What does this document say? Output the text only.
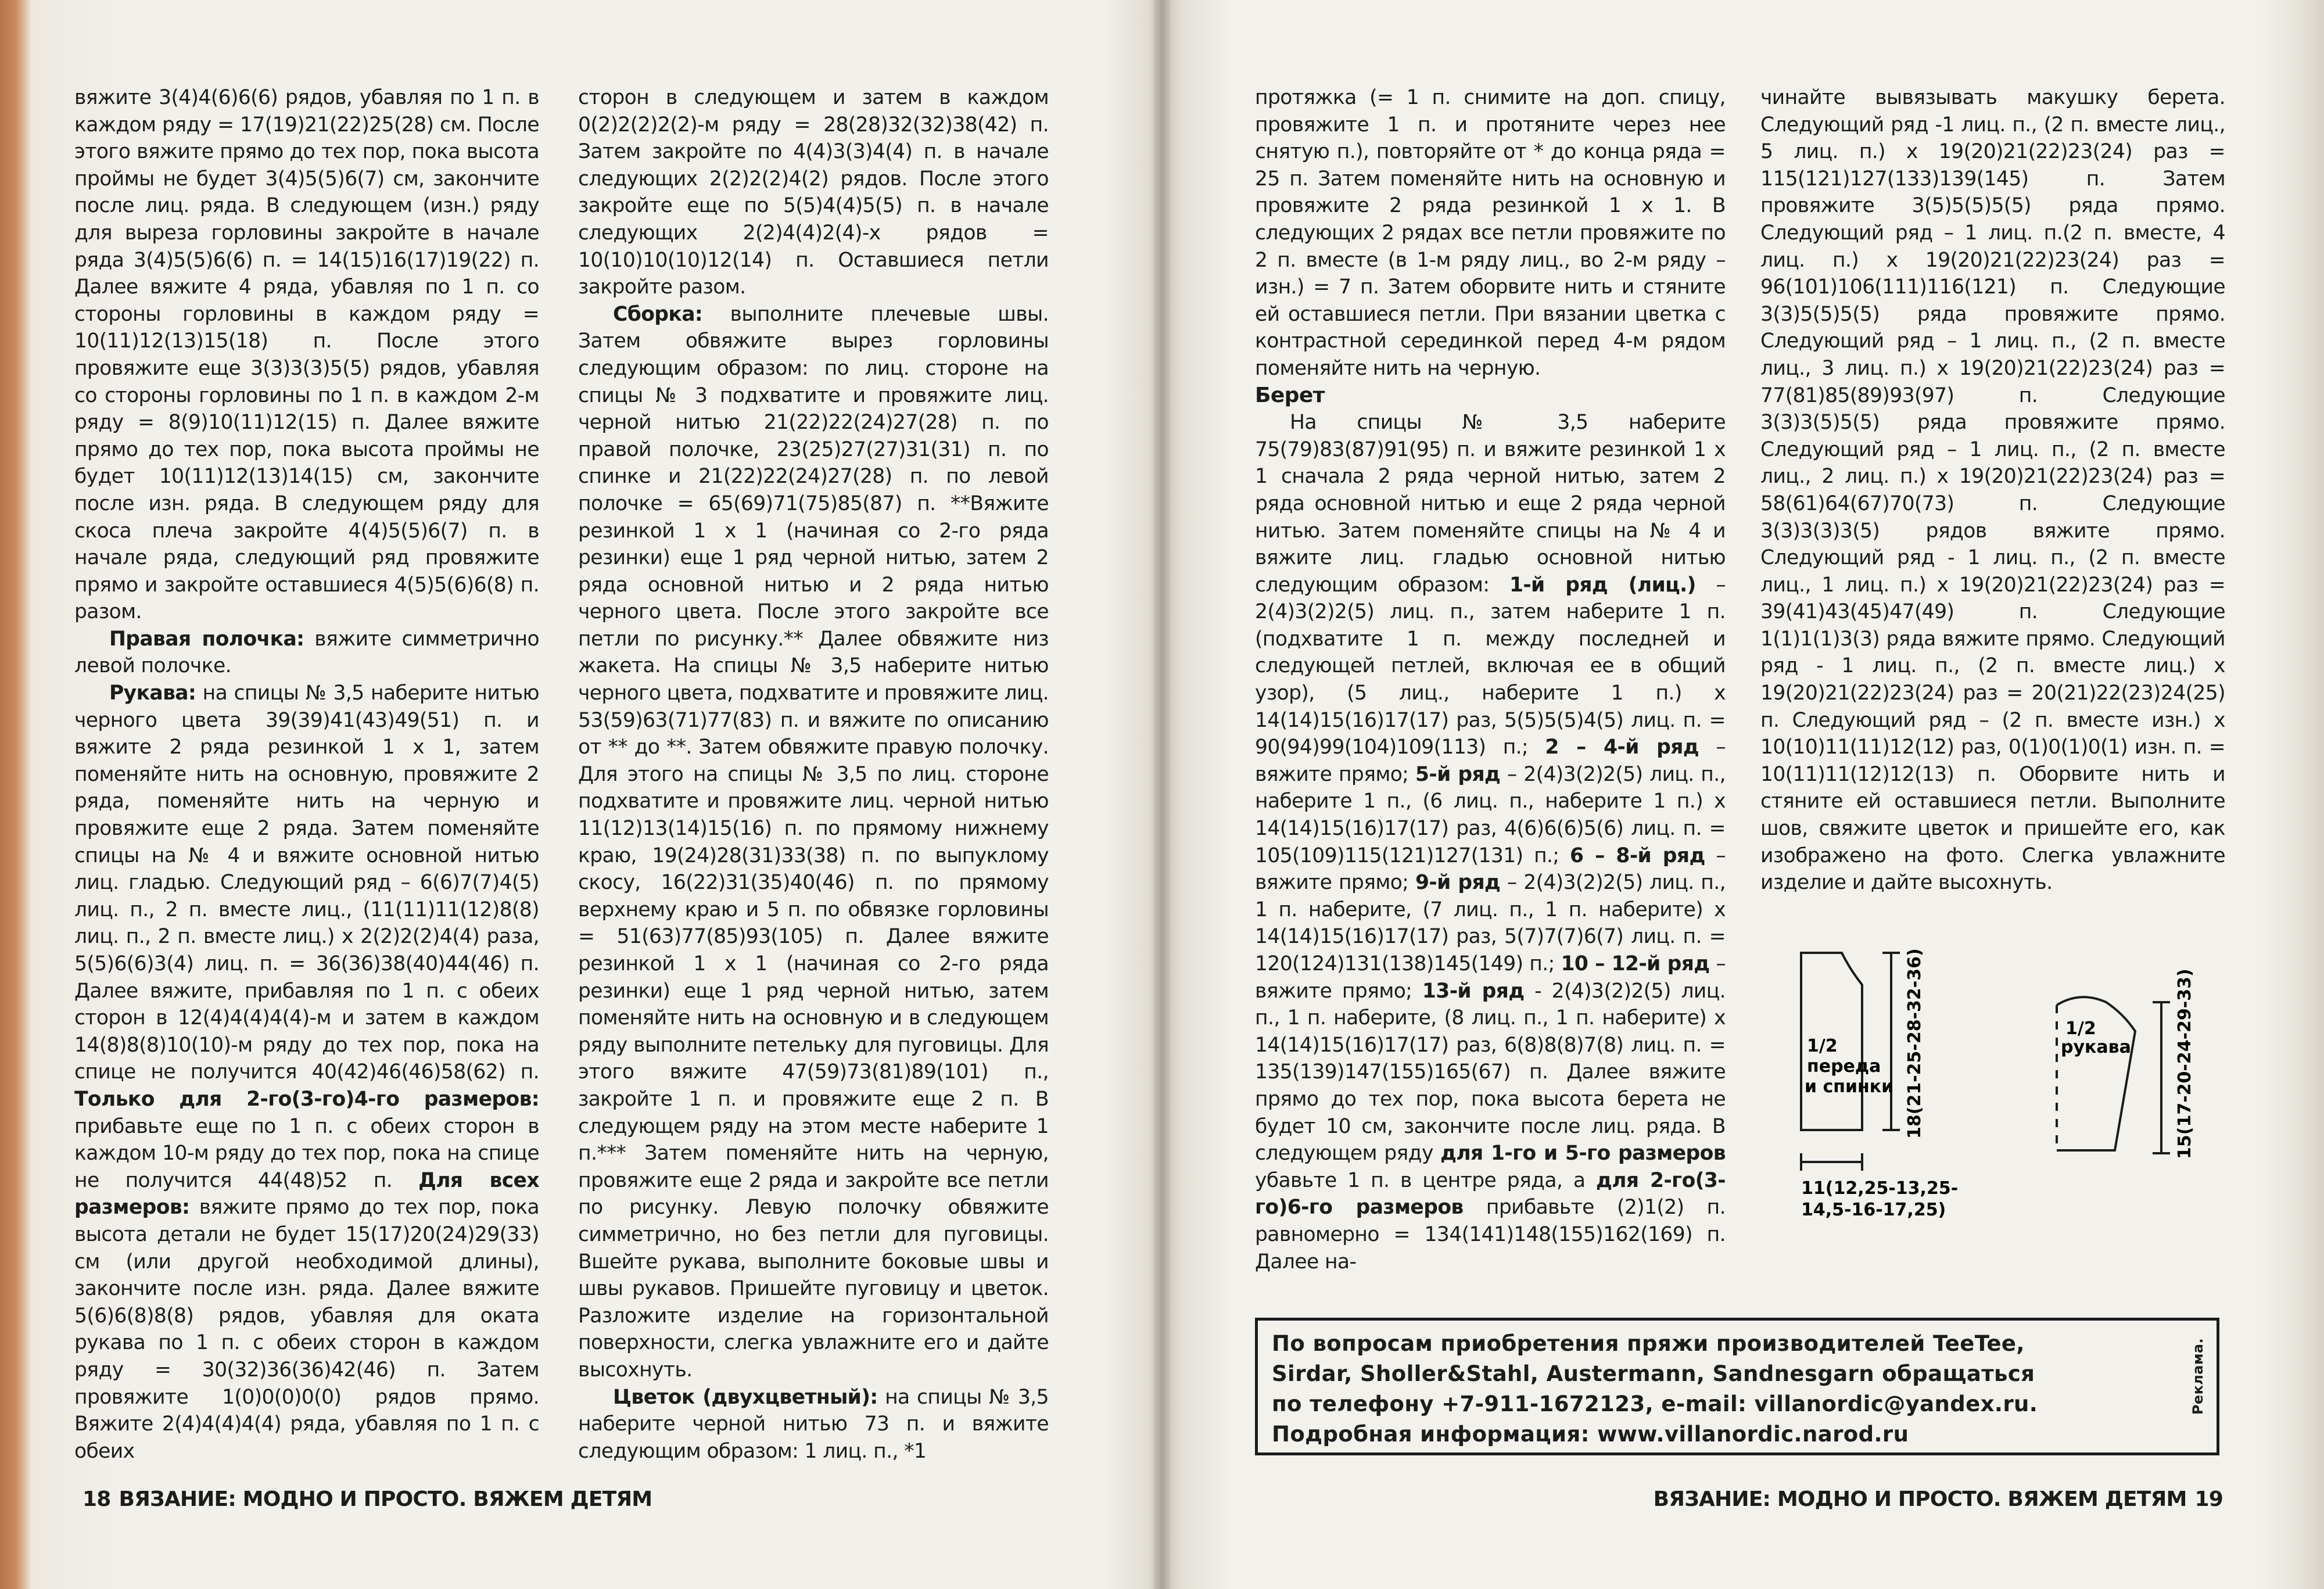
вяжите 3(4)4(6)6(6) рядов, убавляя по 1 п. в каждом ряду = 17(19)21(22)25(28) см. После этого вяжите прямо до тех пор, пока высота проймы не будет 3(4)5(5)6(7) см, закончите после лиц. ряда. В следующем (изн.) ряду для выреза горловины закройте в начале ряда 3(4)5(5)6(6) п. = 14(15)16(17)19(22) п. Далее вяжите 4 ряда, убавляя по 1 п. со стороны горловины в каждом ряду = 10(11)12(13)15(18) п. После этого провяжите еще 3(3)3(3)5(5) рядов, убавляя со стороны горловины по 1 п. в каждом 2-м ряду = 8(9)10(11)12(15) п. Далее вяжите прямо до тех пор, пока высота проймы не будет 10(11)12(13)14(15) см, закончите после изн. ряда. В следующем ряду для скоса плеча закройте 4(4)5(5)6(7) п. в начале ряда, следующий ряд провяжите прямо и закройте оставшиеся 4(5)5(6)6(8) п. разом.

Правая полочка: вяжите симметрично левой полочке.

Рукава: на спицы № 3,5 наберите нитью черного цвета 39(39)41(43)49(51) п. и вяжите 2 ряда резинкой 1 х 1, затем поменяйте нить на основную, провяжите 2 ряда, поменяйте нить на черную и провяжите еще 2 ряда. Затем поменяйте спицы на № 4 и вяжите основной нитью лиц. гладью. Следующий ряд – 6(6)7(7)4(5) лиц. п., 2 п. вместе лиц., (11(11)11(12)8(8) лиц. п., 2 п. вместе лиц.) х 2(2)2(2)4(4) раза, 5(5)6(6)3(4) лиц. п. = 36(36)38(40)44(46) п. Далее вяжите, прибавляя по 1 п. с обеих сторон в 12(4)4(4)4(4)-м и затем в каждом 14(8)8(8)10(10)-м ряду до тех пор, пока на спице не получится 40(42)46(46)58(62) п. Только для 2-го(3-го)4-го размеров: прибавьте еще по 1 п. с обеих сторон в каждом 10-м ряду до тех пор, пока на спице не получится 44(48)52 п. Для всех размеров: вяжите прямо до тех пор, пока высота детали не будет 15(17)20(24)29(33) см (или другой необходимой длины), закончите после изн. ряда. Далее вяжите 5(6)6(8)8(8) рядов, убавляя для оката рукава по 1 п. с обеих сторон в каждом ряду = 30(32)36(36)42(46) п. Затем провяжите 1(0)0(0)0(0) рядов прямо. Вяжите 2(4)4(4)4(4) ряда, убавляя по 1 п. с обеих

сторон в следующем и затем в каждом 0(2)2(2)2(2)-м ряду = 28(28)32(32)38(42) п. Затем закройте по 4(4)3(3)4(4) п. в начале следующих 2(2)2(2)4(2) рядов. После этого закройте еще по 5(5)4(4)5(5) п. в начале следующих 2(2)4(4)2(4)-х рядов = 10(10)10(10)12(14) п. Оставшиеся петли закройте разом.

Сборка: выполните плечевые швы. Затем обвяжите вырез горловины следующим образом: по лиц. стороне на спицы № 3 подхватите и провяжите лиц. черной нитью 21(22)22(24)27(28) п. по правой полочке, 23(25)27(27)31(31) п. по спинке и 21(22)22(24)27(28) п. по левой полочке = 65(69)71(75)85(87) п. **Вяжите резинкой 1 х 1 (начиная со 2-го ряда резинки) еще 1 ряд черной нитью, затем 2 ряда основной нитью и 2 ряда нитью черного цвета. После этого закройте все петли по рисунку.** Далее обвяжите низ жакета. На спицы № 3,5 наберите нитью черного цвета, подхватите и провяжите лиц. 53(59)63(71)77(83) п. и вяжите по описанию от ** до **. Затем обвяжите правую полочку. Для этого на спицы № 3,5 по лиц. стороне подхватите и провяжите лиц. черной нитью 11(12)13(14)15(16) п. по прямому нижнему краю, 19(24)28(31)33(38) п. по выпуклому скосу, 16(22)31(35)40(46) п. по прямому верхнему краю и 5 п. по обвязке горловины = 51(63)77(85)93(105) п. Далее вяжите резинкой 1 х 1 (начиная со 2-го ряда резинки) еще 1 ряд черной нитью, затем поменяйте нить на основную и в следующем ряду выполните петельку для пуговицы. Для этого вяжите 47(59)73(81)89(101) п., закройте 1 п. и провяжите еще 2 п. В следующем ряду на этом месте наберите 1 п.*** Затем поменяйте нить на черную, провяжите еще 2 ряда и закройте все петли по рисунку. Левую полочку обвяжите симметрично, но без петли для пуговицы. Вшейте рукава, выполните боковые швы и швы рукавов. Пришейте пуговицу и цветок. Разложите изделие на горизонтальной поверхности, слегка увлажните его и дайте высохнуть.

Цветок (двухцветный): на спицы № 3,5 наберите черной нитью 73 п. и вяжите следующим образом: 1 лиц. п., *1

протяжка (= 1 п. снимите на доп. спицу, провяжите 1 п. и протяните через нее снятую п.), повторяйте от * до конца ряда = 25 п. Затем поменяйте нить на основную и провяжите 2 ряда резинкой 1 х 1. В следующих 2 рядах все петли провяжите по 2 п. вместе (в 1-м ряду лиц., во 2-м ряду – изн.) = 7 п. Затем оборвите нить и стяните ей оставшиеся петли. При вязании цветка с контрастной серединкой перед 4-м рядом поменяйте нить на черную.

Берет

На спицы № 3,5 наберите 75(79)83(87)91(95) п. и вяжите резинкой 1 х 1 сначала 2 ряда черной нитью, затем 2 ряда основной нитью и еще 2 ряда черной нитью. Затем поменяйте спицы на № 4 и вяжите лиц. гладью основной нитью следующим образом: 1-й ряд (лиц.) – 2(4)3(2)2(5) лиц. п., затем наберите 1 п. (подхватите 1 п. между последней и следующей петлей, включая ее в общий узор), (5 лиц., наберите 1 п.) х 14(14)15(16)17(17) раз, 5(5)5(5)4(5) лиц. п. = 90(94)99(104)109(113) п.; 2 – 4-й ряд – вяжите прямо; 5-й ряд – 2(4)3(2)2(5) лиц. п., наберите 1 п., (6 лиц. п., наберите 1 п.) х 14(14)15(16)17(17) раз, 4(6)6(6)5(6) лиц. п. = 105(109)115(121)127(131) п.; 6 – 8-й ряд – вяжите прямо; 9-й ряд – 2(4)3(2)2(5) лиц. п., 1 п. наберите, (7 лиц. п., 1 п. наберите) х 14(14)15(16)17(17) раз, 5(7)7(7)6(7) лиц. п. = 120(124)131(138)145(149) п.; 10 – 12-й ряд – вяжите прямо; 13-й ряд - 2(4)3(2)2(5) лиц. п., 1 п. наберите, (8 лиц. п., 1 п. наберите) х 14(14)15(16)17(17) раз, 6(8)8(8)7(8) лиц. п. = 135(139)147(155)165(67) п. Далее вяжите прямо до тех пор, пока высота берета не будет 10 см, закончите после лиц. ряда. В следующем ряду для 1-го и 5-го размеров убавьте 1 п. в центре ряда, а для 2-го(3-го)6-го размеров прибавьте (2)1(2) п. равномерно = 134(141)148(155)162(169) п. Далее на-

чинайте вывязывать макушку берета. Следующий ряд -1 лиц. п., (2 п. вместе лиц., 5 лиц. п.) х 19(20)21(22)23(24) раз = 115(121)127(133)139(145) п. Затем провяжите 3(5)5(5)5(5) ряда прямо. Следующий ряд – 1 лиц. п.(2 п. вместе, 4 лиц. п.) х 19(20)21(22)23(24) раз = 96(101)106(111)116(121) п. Следующие 3(3)5(5)5(5) ряда провяжите прямо. Следующий ряд – 1 лиц. п., (2 п. вместе лиц., 3 лиц. п.) х 19(20)21(22)23(24) раз = 77(81)85(89)93(97) п. Следующие 3(3)3(5)5(5) ряда провяжите прямо. Следующий ряд – 1 лиц. п., (2 п. вместе лиц., 2 лиц. п.) х 19(20)21(22)23(24) раз = 58(61)64(67)70(73) п. Следующие 3(3)3(3)3(5) рядов вяжите прямо. Следующий ряд - 1 лиц. п., (2 п. вместе лиц., 1 лиц. п.) х 19(20)21(22)23(24) раз = 39(41)43(45)47(49) п. Следующие 1(1)1(1)3(3) ряда вяжите прямо. Следующий ряд - 1 лиц. п., (2 п. вместе лиц.) х 19(20)21(22)23(24) раз = 20(21)22(23)24(25) п. Следующий ряд – (2 п. вместе изн.) х 10(10)11(11)12(12) раз, 0(1)0(1)0(1) изн. п. = 10(11)11(12)12(13) п. Оборвите нить и стяните ей оставшиеся петли. Выполните шов, свяжите цветок и пришейте его, как изображено на фото. Слегка увлажните изделие и дайте высохнуть.

1/2
переда
и спинки 18(21-25-28-32-36)
11(12,25-13,25-
14,5-16-17,25)
1/2
рукава	15(17-20-24-29-33)

По вопросам приобретения пряжи производителей TeeTee,

Sirdar, Sholler&Stahl, Austermann, Sandnesgarn обращаться

по телефону +7-911-1672123, e-mail: villanordic@yandex.ru.

Подробная информация: www.villanordic.narod.ru

Реклама.
18 ВЯЗАНИЕ: МОДНО И ПРОСТО. ВЯЖЕМ ДЕТЯМ	ВЯЗАНИЕ: МОДНО И ПРОСТО. ВЯЖЕМ ДЕТЯМ 19
